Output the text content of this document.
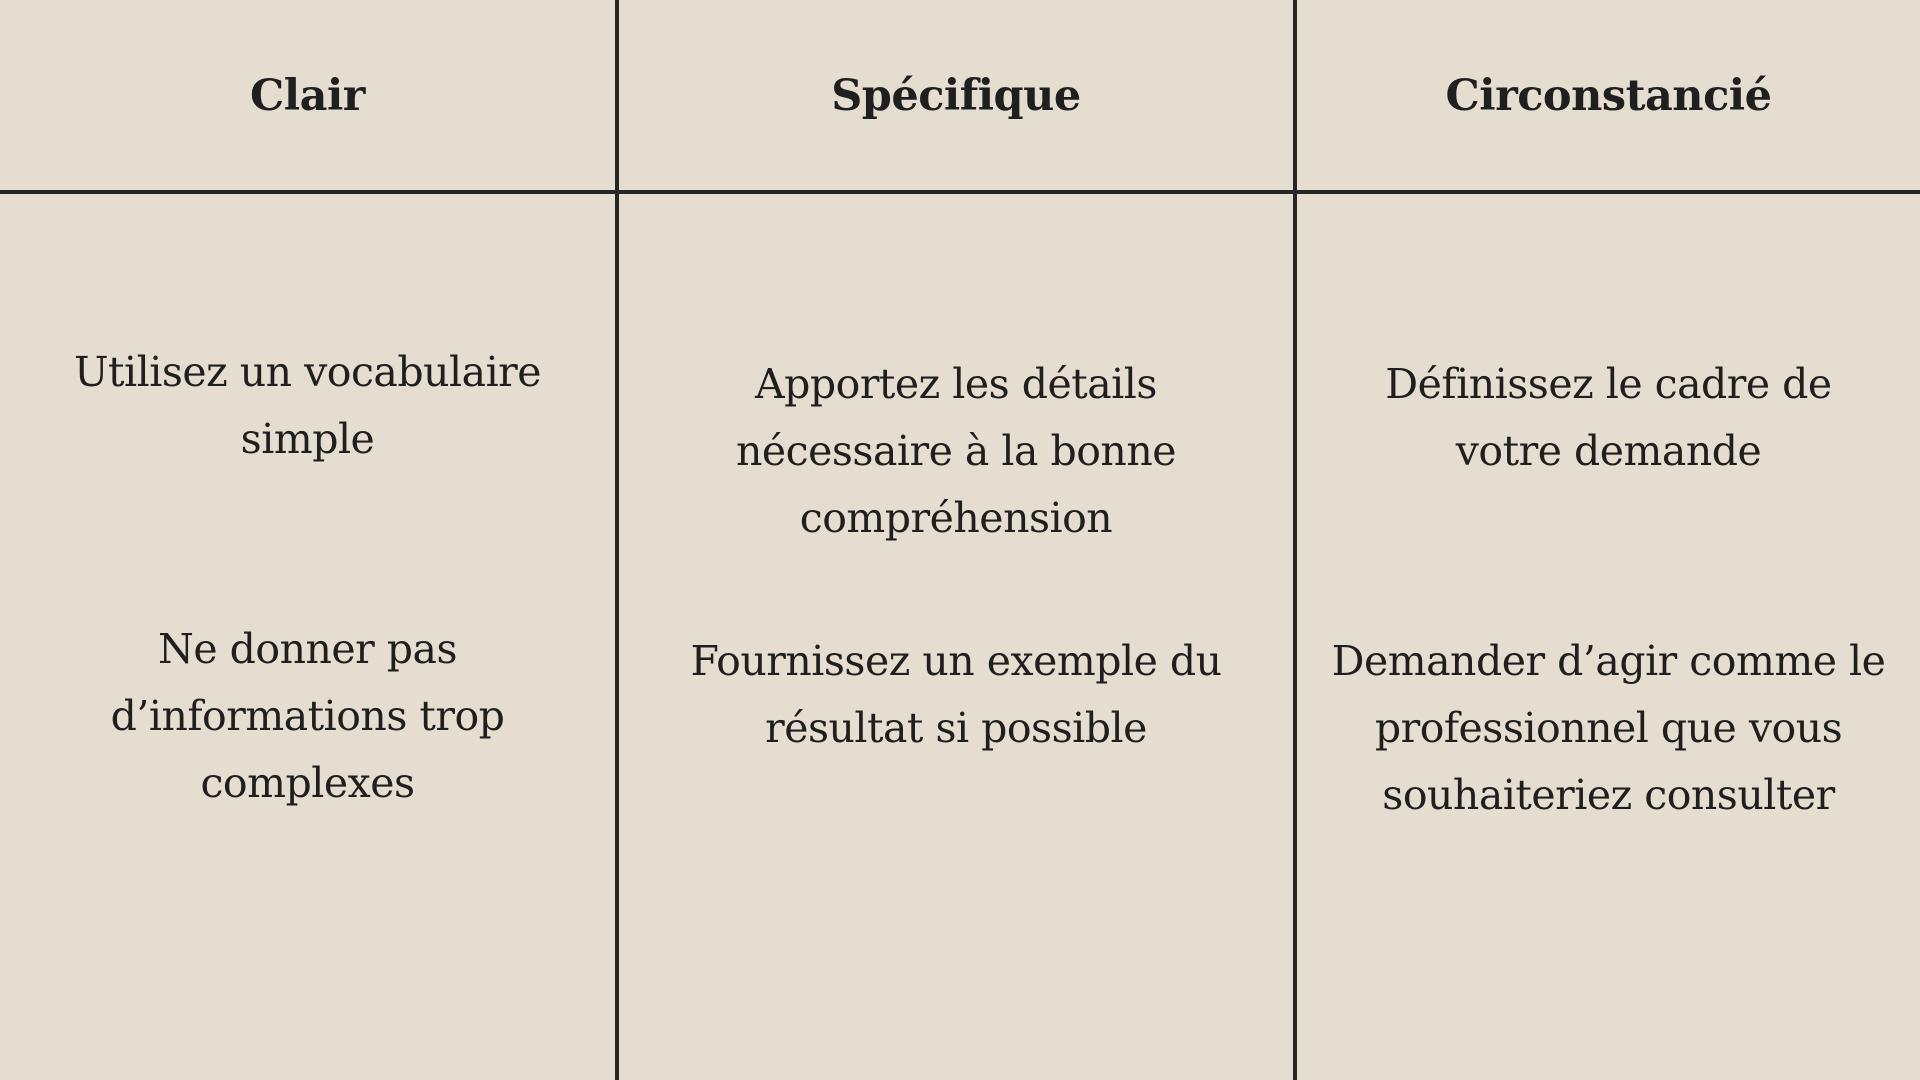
Clair
Utilisez un vocabulaire simple
Ne donner pas d’informations trop complexes
Spécifique
Apportez les détails nécessaire à la bonne compréhension
Fournissez un exemple du résultat si possible
Circonstancié
Définissez le cadre de votre demande
Demander d’agir comme le professionnel que vous souhaiteriez consulter
